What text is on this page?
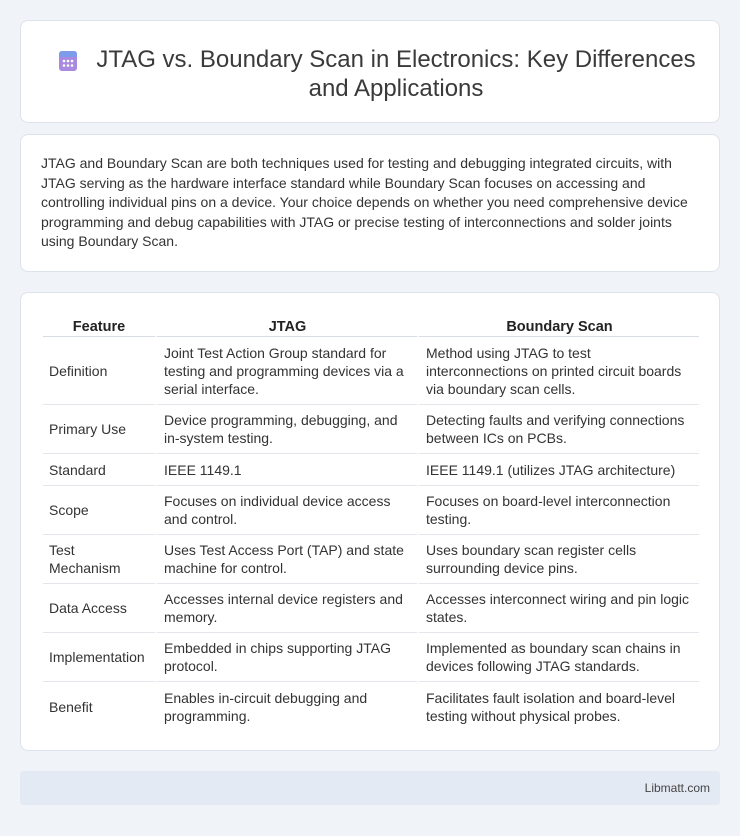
JTAG vs. Boundary Scan in Electronics: Key Differences and Applications

JTAG and Boundary Scan are both techniques used for testing and debugging integrated circuits, with JTAG serving as the hardware interface standard while Boundary Scan focuses on accessing and controlling individual pins on a device. Your choice depends on whether you need comprehensive device programming and debug capabilities with JTAG or precise testing of interconnections and solder joints using Boundary Scan.

Feature	JTAG	Boundary Scan
Definition	Joint Test Action Group standard for testing and programming devices via a serial interface.	Method using JTAG to test interconnections on printed circuit boards via boundary scan cells.
Primary Use	Device programming, debugging, and in-system testing.	Detecting faults and verifying connections between ICs on PCBs.
Standard	IEEE 1149.1	IEEE 1149.1 (utilizes JTAG architecture)
Scope	Focuses on individual device access and control.	Focuses on board-level interconnection testing.
Test Mechanism	Uses Test Access Port (TAP) and state machine for control.	Uses boundary scan register cells surrounding device pins.
Data Access	Accesses internal device registers and memory.	Accesses interconnect wiring and pin logic states.
Implementation	Embedded in chips supporting JTAG protocol.	Implemented as boundary scan chains in devices following JTAG standards.
Benefit	Enables in-circuit debugging and programming.	Facilitates fault isolation and board-level testing without physical probes.
Libmatt.com
